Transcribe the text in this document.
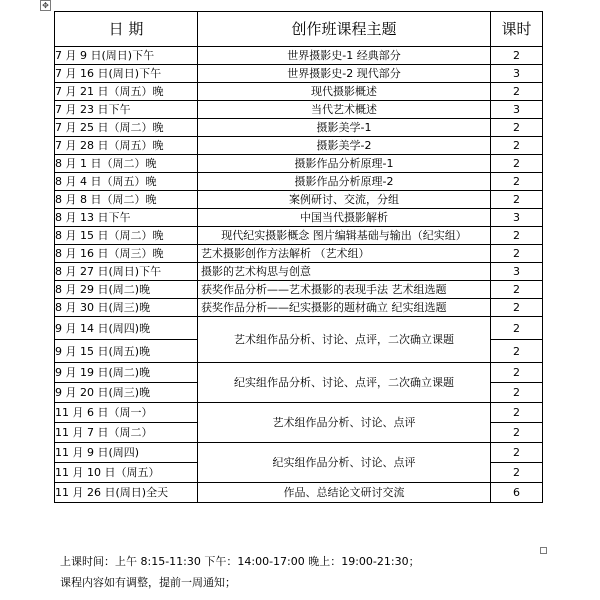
✥
日 期	创作班课程主题	课时
7 月 9 日(周日)下午	世界摄影史-1 经典部分	2
7 月 16 日(周日)下午	世界摄影史-2 现代部分	3
7 月 21 日（周五）晚	现代摄影概述	2
7 月 23 日下午	当代艺术概述	3
7 月 25 日（周二）晚	摄影美学-1	2
7 月 28 日（周五）晚	摄影美学-2	2
8 月 1 日（周二）晚	摄影作品分析原理-1	2
8 月 4 日（周五）晚	摄影作品分析原理-2	2
8 月 8 日（周二）晚	案例研讨、交流，分组	2
8 月 13 日下午	中国当代摄影解析	3
8 月 15 日（周二）晚	现代纪实摄影概念 图片编辑基础与输出（纪实组）	2
8 月 16 日（周三）晚	艺术摄影创作方法解析 （艺术组）	2
8 月 27 日(周日)下午	摄影的艺术构思与创意	3
8 月 29 日(周二)晚	获奖作品分析——艺术摄影的表现手法 艺术组选题	2
8 月 30 日(周三)晚	获奖作品分析——纪实摄影的题材确立 纪实组选题	2
9 月 14 日(周四)晚	艺术组作品分析、讨论、点评，二次确立课题	2
9 月 15 日(周五)晚		2
9 月 19 日(周二)晚	纪实组作品分析、讨论、点评，二次确立课题	2
9 月 20 日(周三)晚		2
11 月 6 日（周一）	艺术组作品分析、讨论、点评	2
11 月 7 日（周二）		2
11 月 9 日(周四)	纪实组作品分析、讨论、点评	2
11 月 10 日（周五）		2
11 月 26 日(周日)全天	作品、总结论文研讨交流	6
上课时间：上午 8:15-11:30 下午：14:00-17:00 晚上：19:00-21:30；
课程内容如有调整，提前一周通知；
